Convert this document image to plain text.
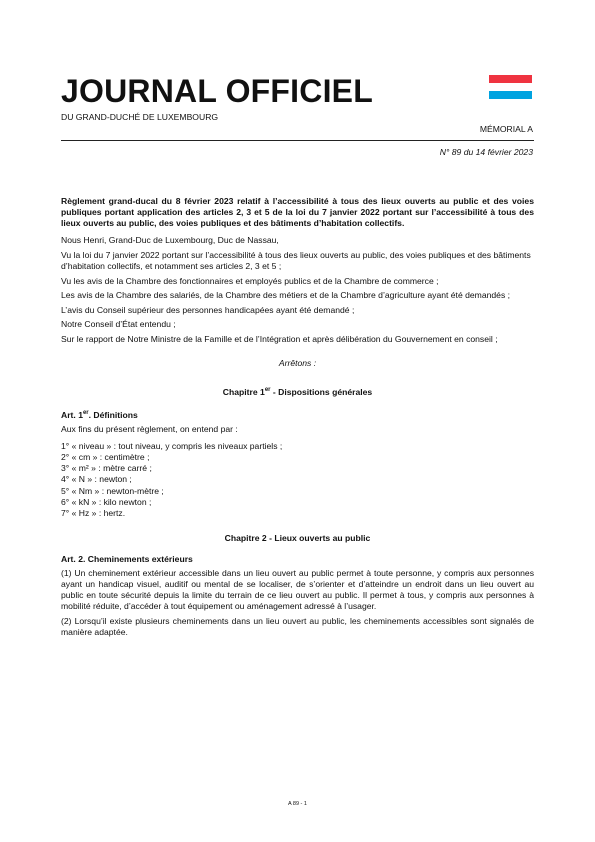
JOURNAL OFFICIEL
DU GRAND-DUCHÉ DE LUXEMBOURG
MÉMORIAL A
N° 89 du 14 février 2023

Règlement grand-ducal du 8 février 2023 relatif à l’accessibilité à tous des lieux ouverts au public et des voies publiques portant application des articles 2, 3 et 5 de la loi du 7 janvier 2022 portant sur l’accessibilité à tous des lieux ouverts au public, des voies publiques et des bâtiments d’habitation collectifs.

Nous Henri, Grand-Duc de Luxembourg, Duc de Nassau,

Vu la loi du 7 janvier 2022 portant sur l’accessibilité à tous des lieux ouverts au public, des voies publiques et des bâtiments d’habitation collectifs, et notamment ses articles 2, 3 et 5 ;

Vu les avis de la Chambre des fonctionnaires et employés publics et de la Chambre de commerce ;

Les avis de la Chambre des salariés, de la Chambre des métiers et de la Chambre d’agriculture ayant été demandés ;

L’avis du Conseil supérieur des personnes handicapées ayant été demandé ;

Notre Conseil d’État entendu ;

Sur le rapport de Notre Ministre de la Famille et de l’Intégration et après délibération du Gouvernement en conseil ;

Arrêtons :

Chapitre 1er - Dispositions générales

Art. 1er. Définitions

Aux fins du présent règlement, on entend par :

1° « niveau » : tout niveau, y compris les niveaux partiels ;
2° « cm » : centimètre ;
3° « m² » : mètre carré ;
4° « N » : newton ;
5° « Nm » : newton-mètre ;
6° « kN » : kilo newton ;
7° « Hz » : hertz.

Chapitre 2 - Lieux ouverts au public

Art. 2. Cheminements extérieurs

(1) Un cheminement extérieur accessible dans un lieu ouvert au public permet à toute personne, y compris aux personnes ayant un handicap visuel, auditif ou mental de se localiser, de s’orienter et d’atteindre un endroit dans un lieu ouvert au public en toute sécurité depuis la limite du terrain de ce lieu ouvert au public. Il permet à tous, y compris aux personnes à mobilité réduite, d’accéder à tout équipement ou aménagement adressé à l’usager.

(2) Lorsqu’il existe plusieurs cheminements dans un lieu ouvert au public, les cheminements accessibles sont signalés de manière adaptée.

A 89 - 1
